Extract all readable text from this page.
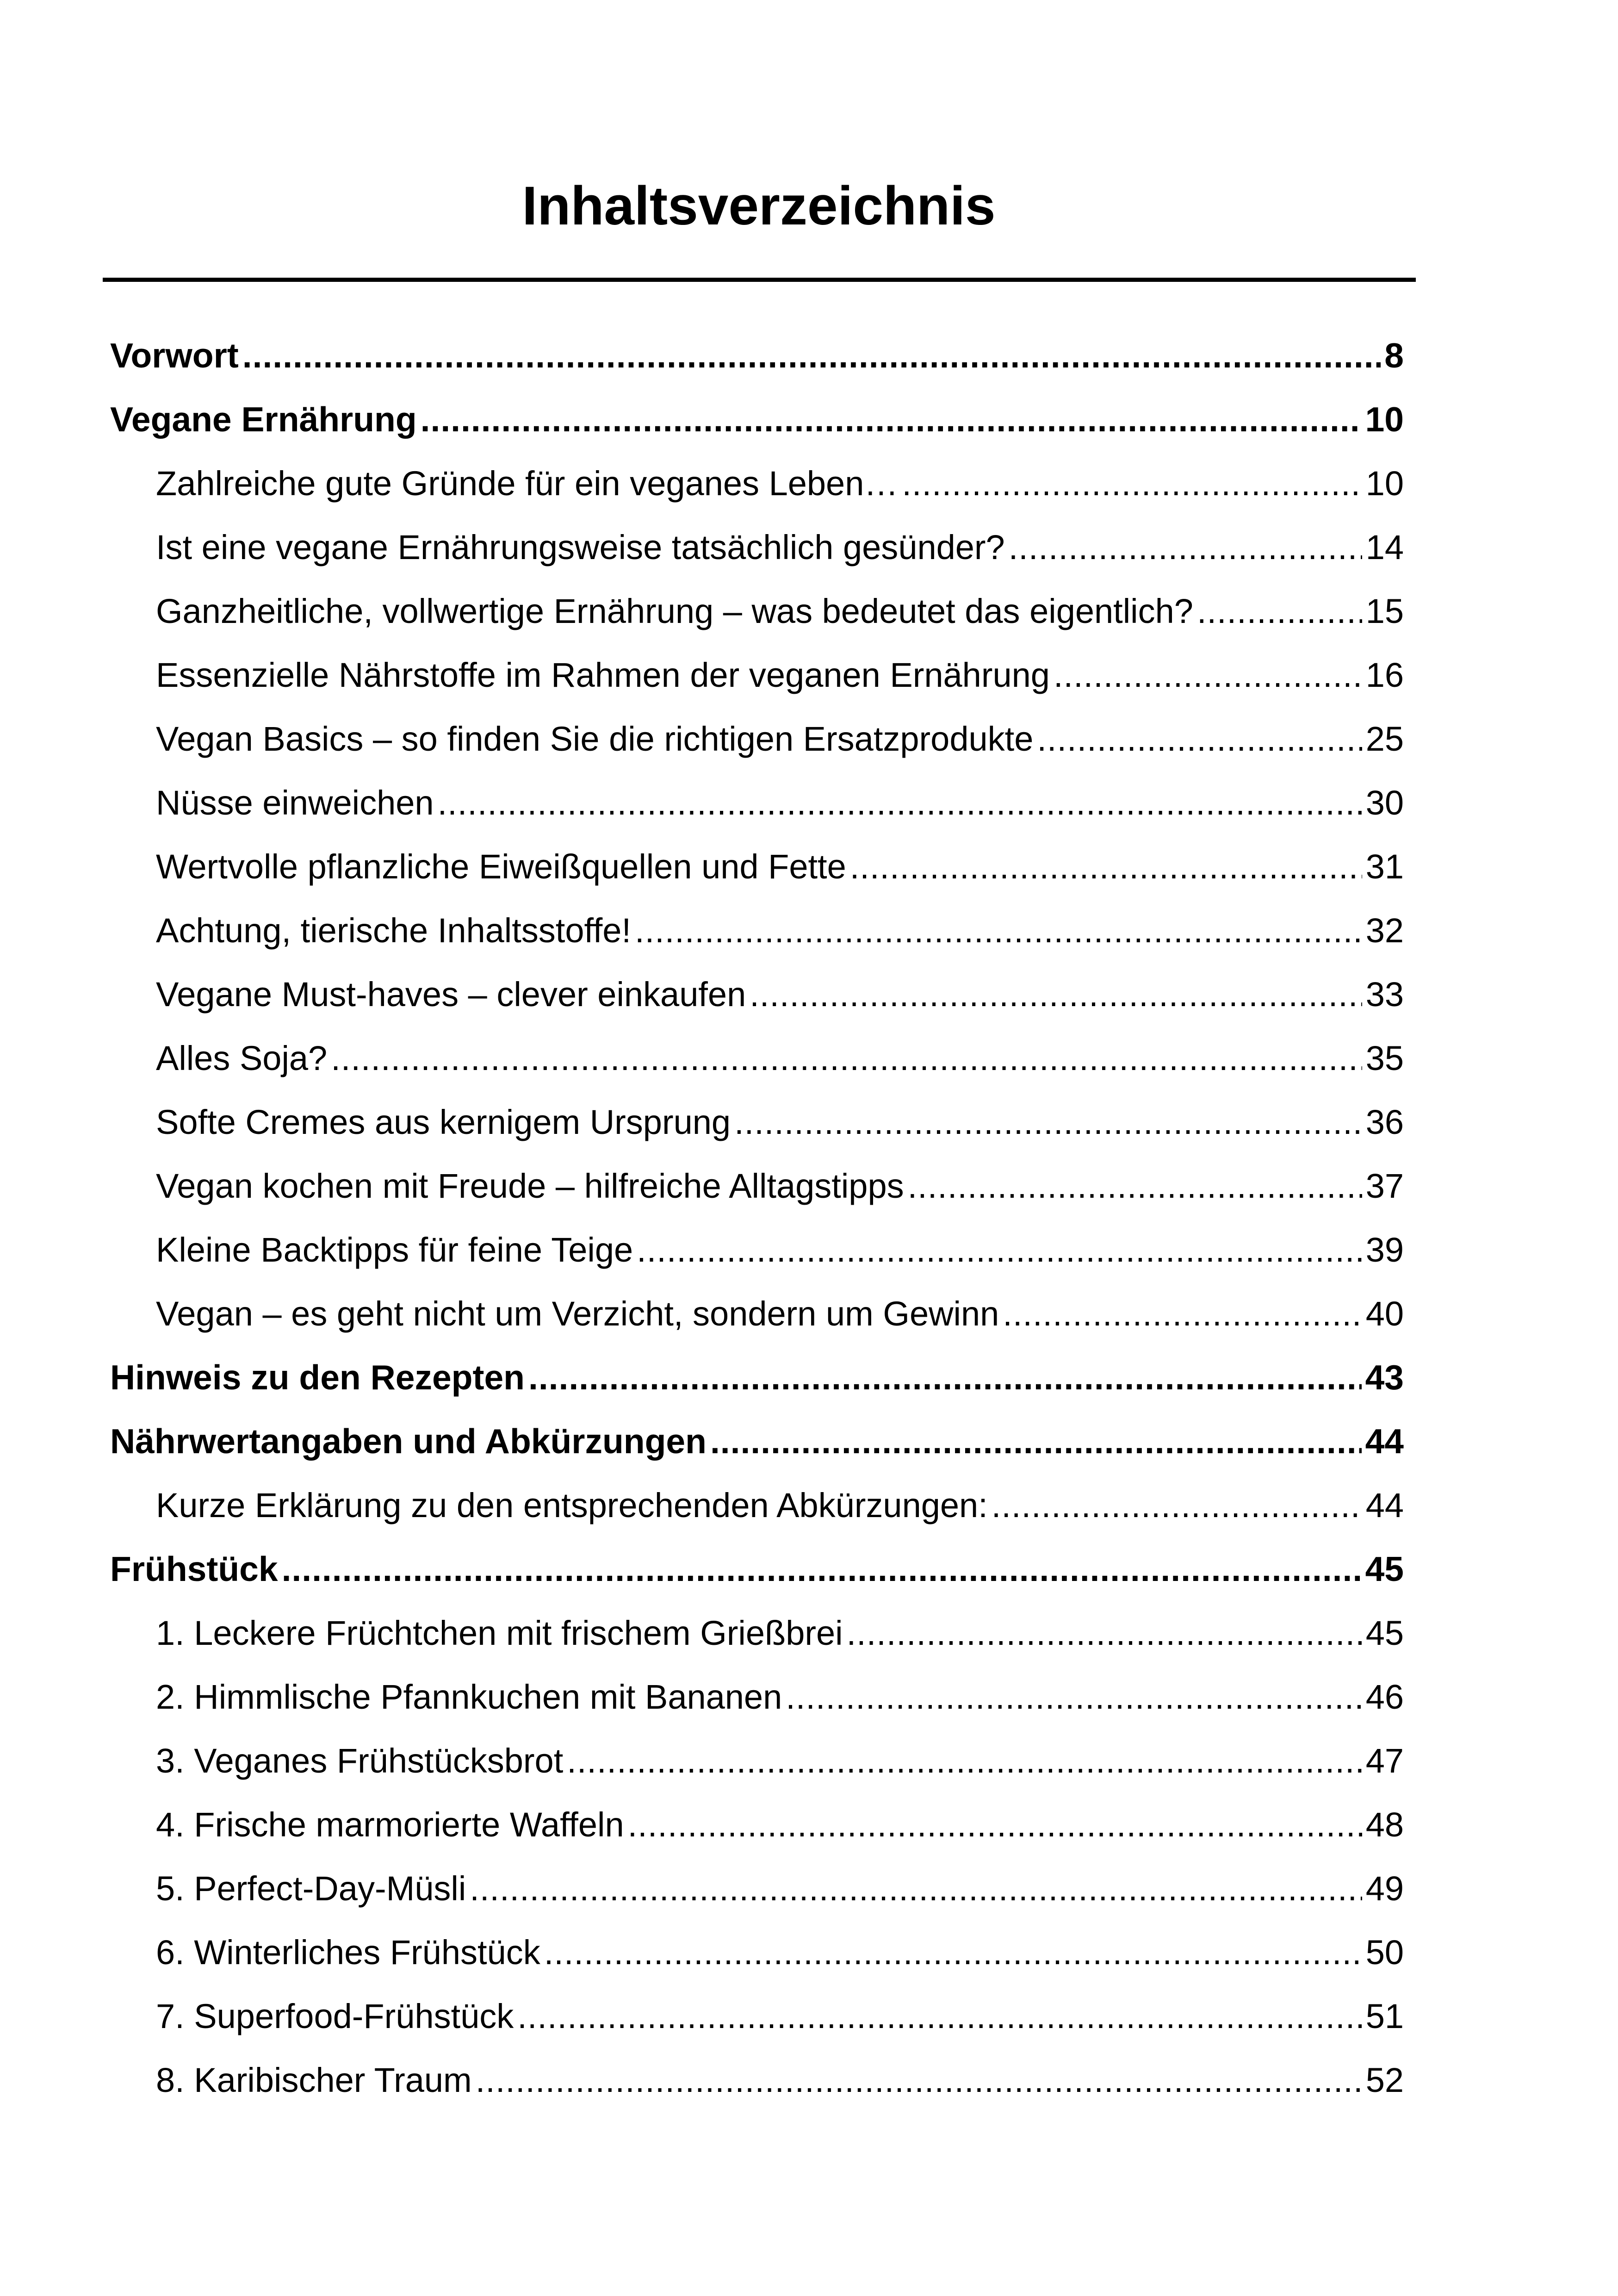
Inhaltsverzeichnis
Vorwort .....	8
Vegane Ernährung .....	10
Zahlreiche gute Gründe für ein veganes Leben… .....	10
Ist eine vegane Ernährungsweise tatsächlich gesünder? .....	14
Ganzheitliche, vollwertige Ernährung – was bedeutet das eigentlich? .....	15
Essenzielle Nährstoffe im Rahmen der veganen Ernährung .....	16
Vegan Basics – so finden Sie die richtigen Ersatzprodukte .....	25
Nüsse einweichen .....	30
Wertvolle pflanzliche Eiweißquellen und Fette .....	31
Achtung, tierische Inhaltsstoffe! .....	32
Vegane Must-haves – clever einkaufen .....	33
Alles Soja? .....	35
Softe Cremes aus kernigem Ursprung .....	36
Vegan kochen mit Freude – hilfreiche Alltagstipps .....	37
Kleine Backtipps für feine Teige .....	39
Vegan – es geht nicht um Verzicht, sondern um Gewinn .....	40
Hinweis zu den Rezepten .....	43
Nährwertangaben und Abkürzungen .....	44
Kurze Erklärung zu den entsprechenden Abkürzungen: .....	44
Frühstück .....	45
1. Leckere Früchtchen mit frischem Grießbrei .....	45
2. Himmlische Pfannkuchen mit Bananen .....	46
3. Veganes Frühstücksbrot .....	47
4. Frische marmorierte Waffeln .....	48
5. Perfect-Day-Müsli .....	49
6. Winterliches Frühstück .....	50
7. Superfood-Frühstück .....	51
8. Karibischer Traum .....	52
